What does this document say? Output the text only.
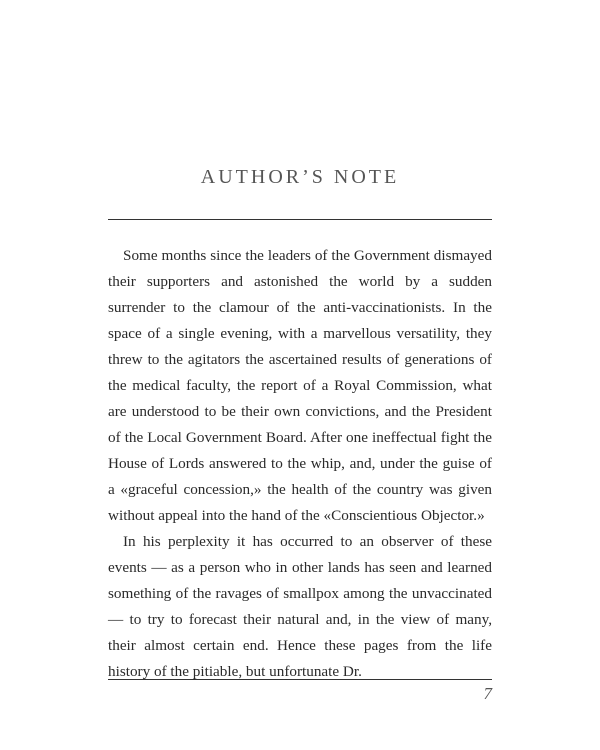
AUTHOR’S NOTE

Some months since the leaders of the Government dismayed their supporters and astonished the world by a sudden surrender to the clamour of the anti-vaccinationists. In the space of a single evening, with a marvellous versatility, they threw to the agitators the ascertained results of generations of the medical faculty, the report of a Royal Commission, what are understood to be their own convictions, and the President of the Local Government Board. After one ineffectual fight the House of Lords answered to the whip, and, under the guise of a «graceful concession,» the health of the country was given without appeal into the hand of the «Conscientious Objector.»

In his perplexity it has occurred to an observer of these events — as a person who in other lands has seen and learned something of the ravages of smallpox among the unvaccinated — to try to forecast their natural and, in the view of many, their almost certain end. Hence these pages from the life history of the pitiable, but unfortunate Dr.

7
